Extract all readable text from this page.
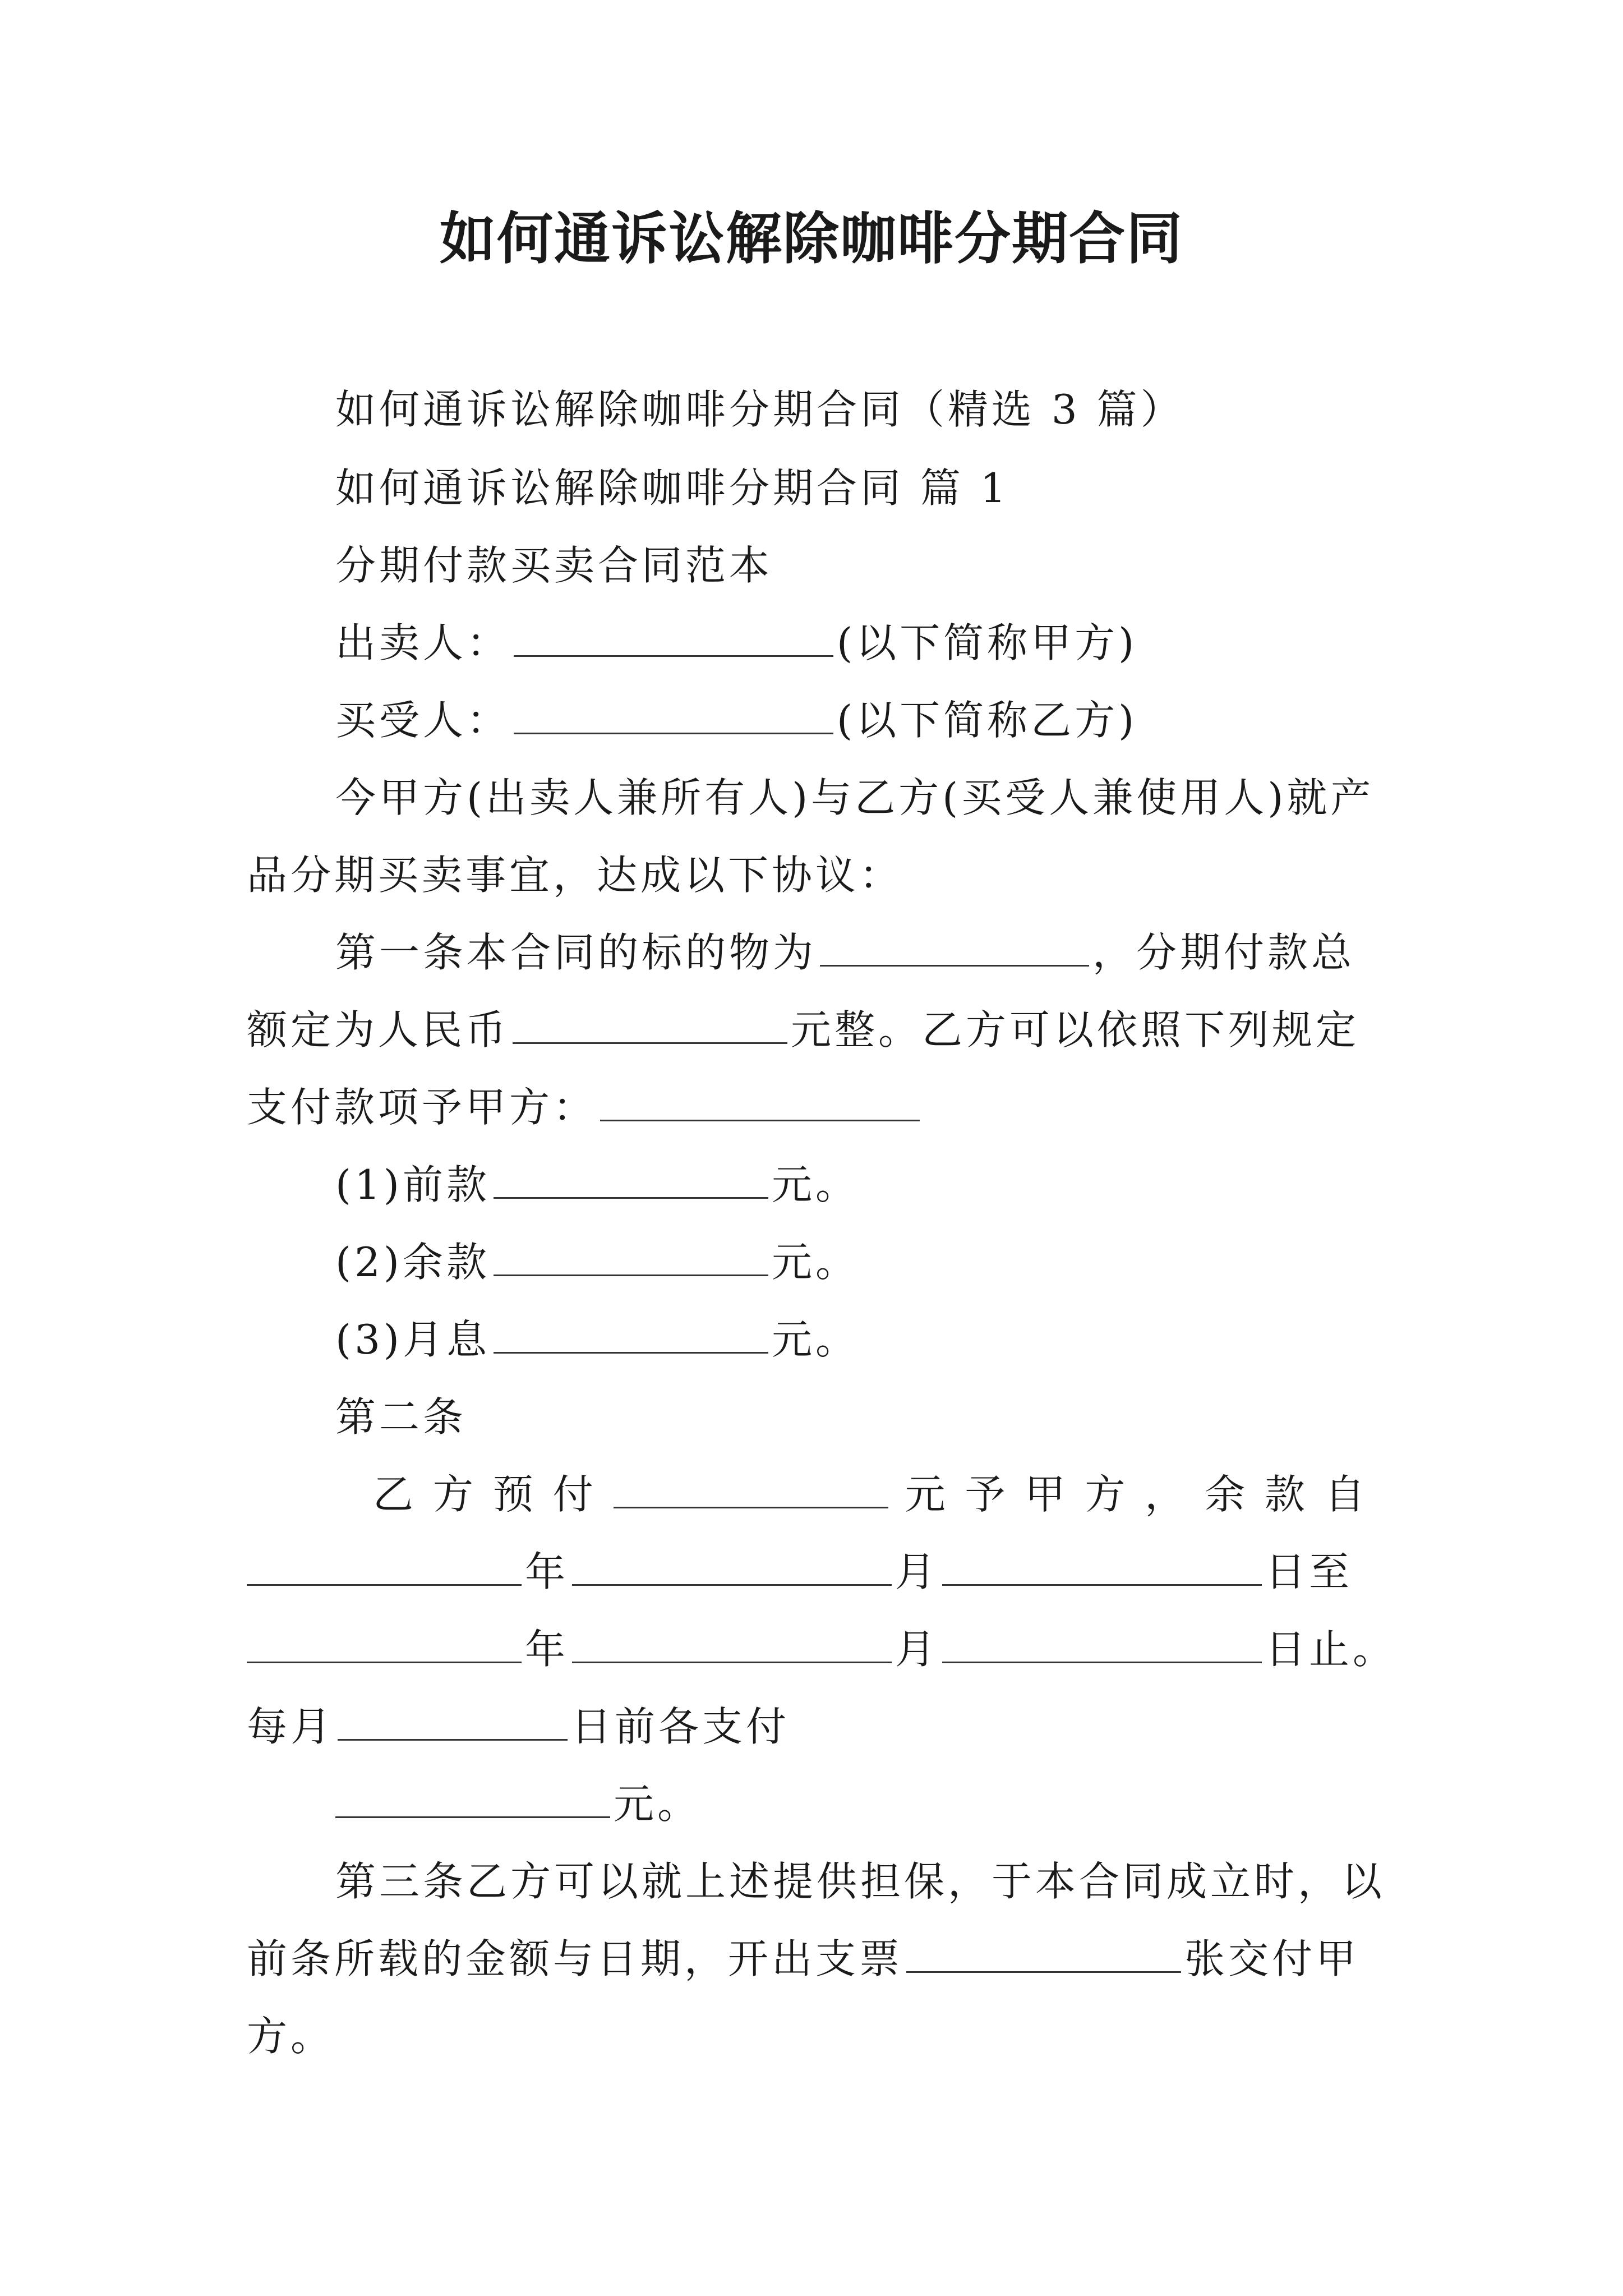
如何通诉讼解除咖啡分期合同
如何通诉讼解除咖啡分期合同（精选 3 篇）
如何通诉讼解除咖啡分期合同 篇 1
分期付款买卖合同范本
出卖人：	(以下简称甲方)
买受人：	(以下简称乙方)
今甲方(出卖人兼所有人)与乙方(买受人兼使用人)就产
品分期买卖事宜，达成以下协议：
第一条本合同的标的物为	，分期付款总
额定为人民币	元整。乙方可以依照下列规定
支付款项予甲方：
(1)前款	元。
(2)余款	元。
(3)月息	元。
第二条
乙 方 预 付	元 予 甲 方 ， 余 款 自
年	月	日至
年	月	日止。
每月	日前各支付
元。
第三条乙方可以就上述提供担保，于本合同成立时，以
前条所载的金额与日期，开出支票	张交付甲
方。
